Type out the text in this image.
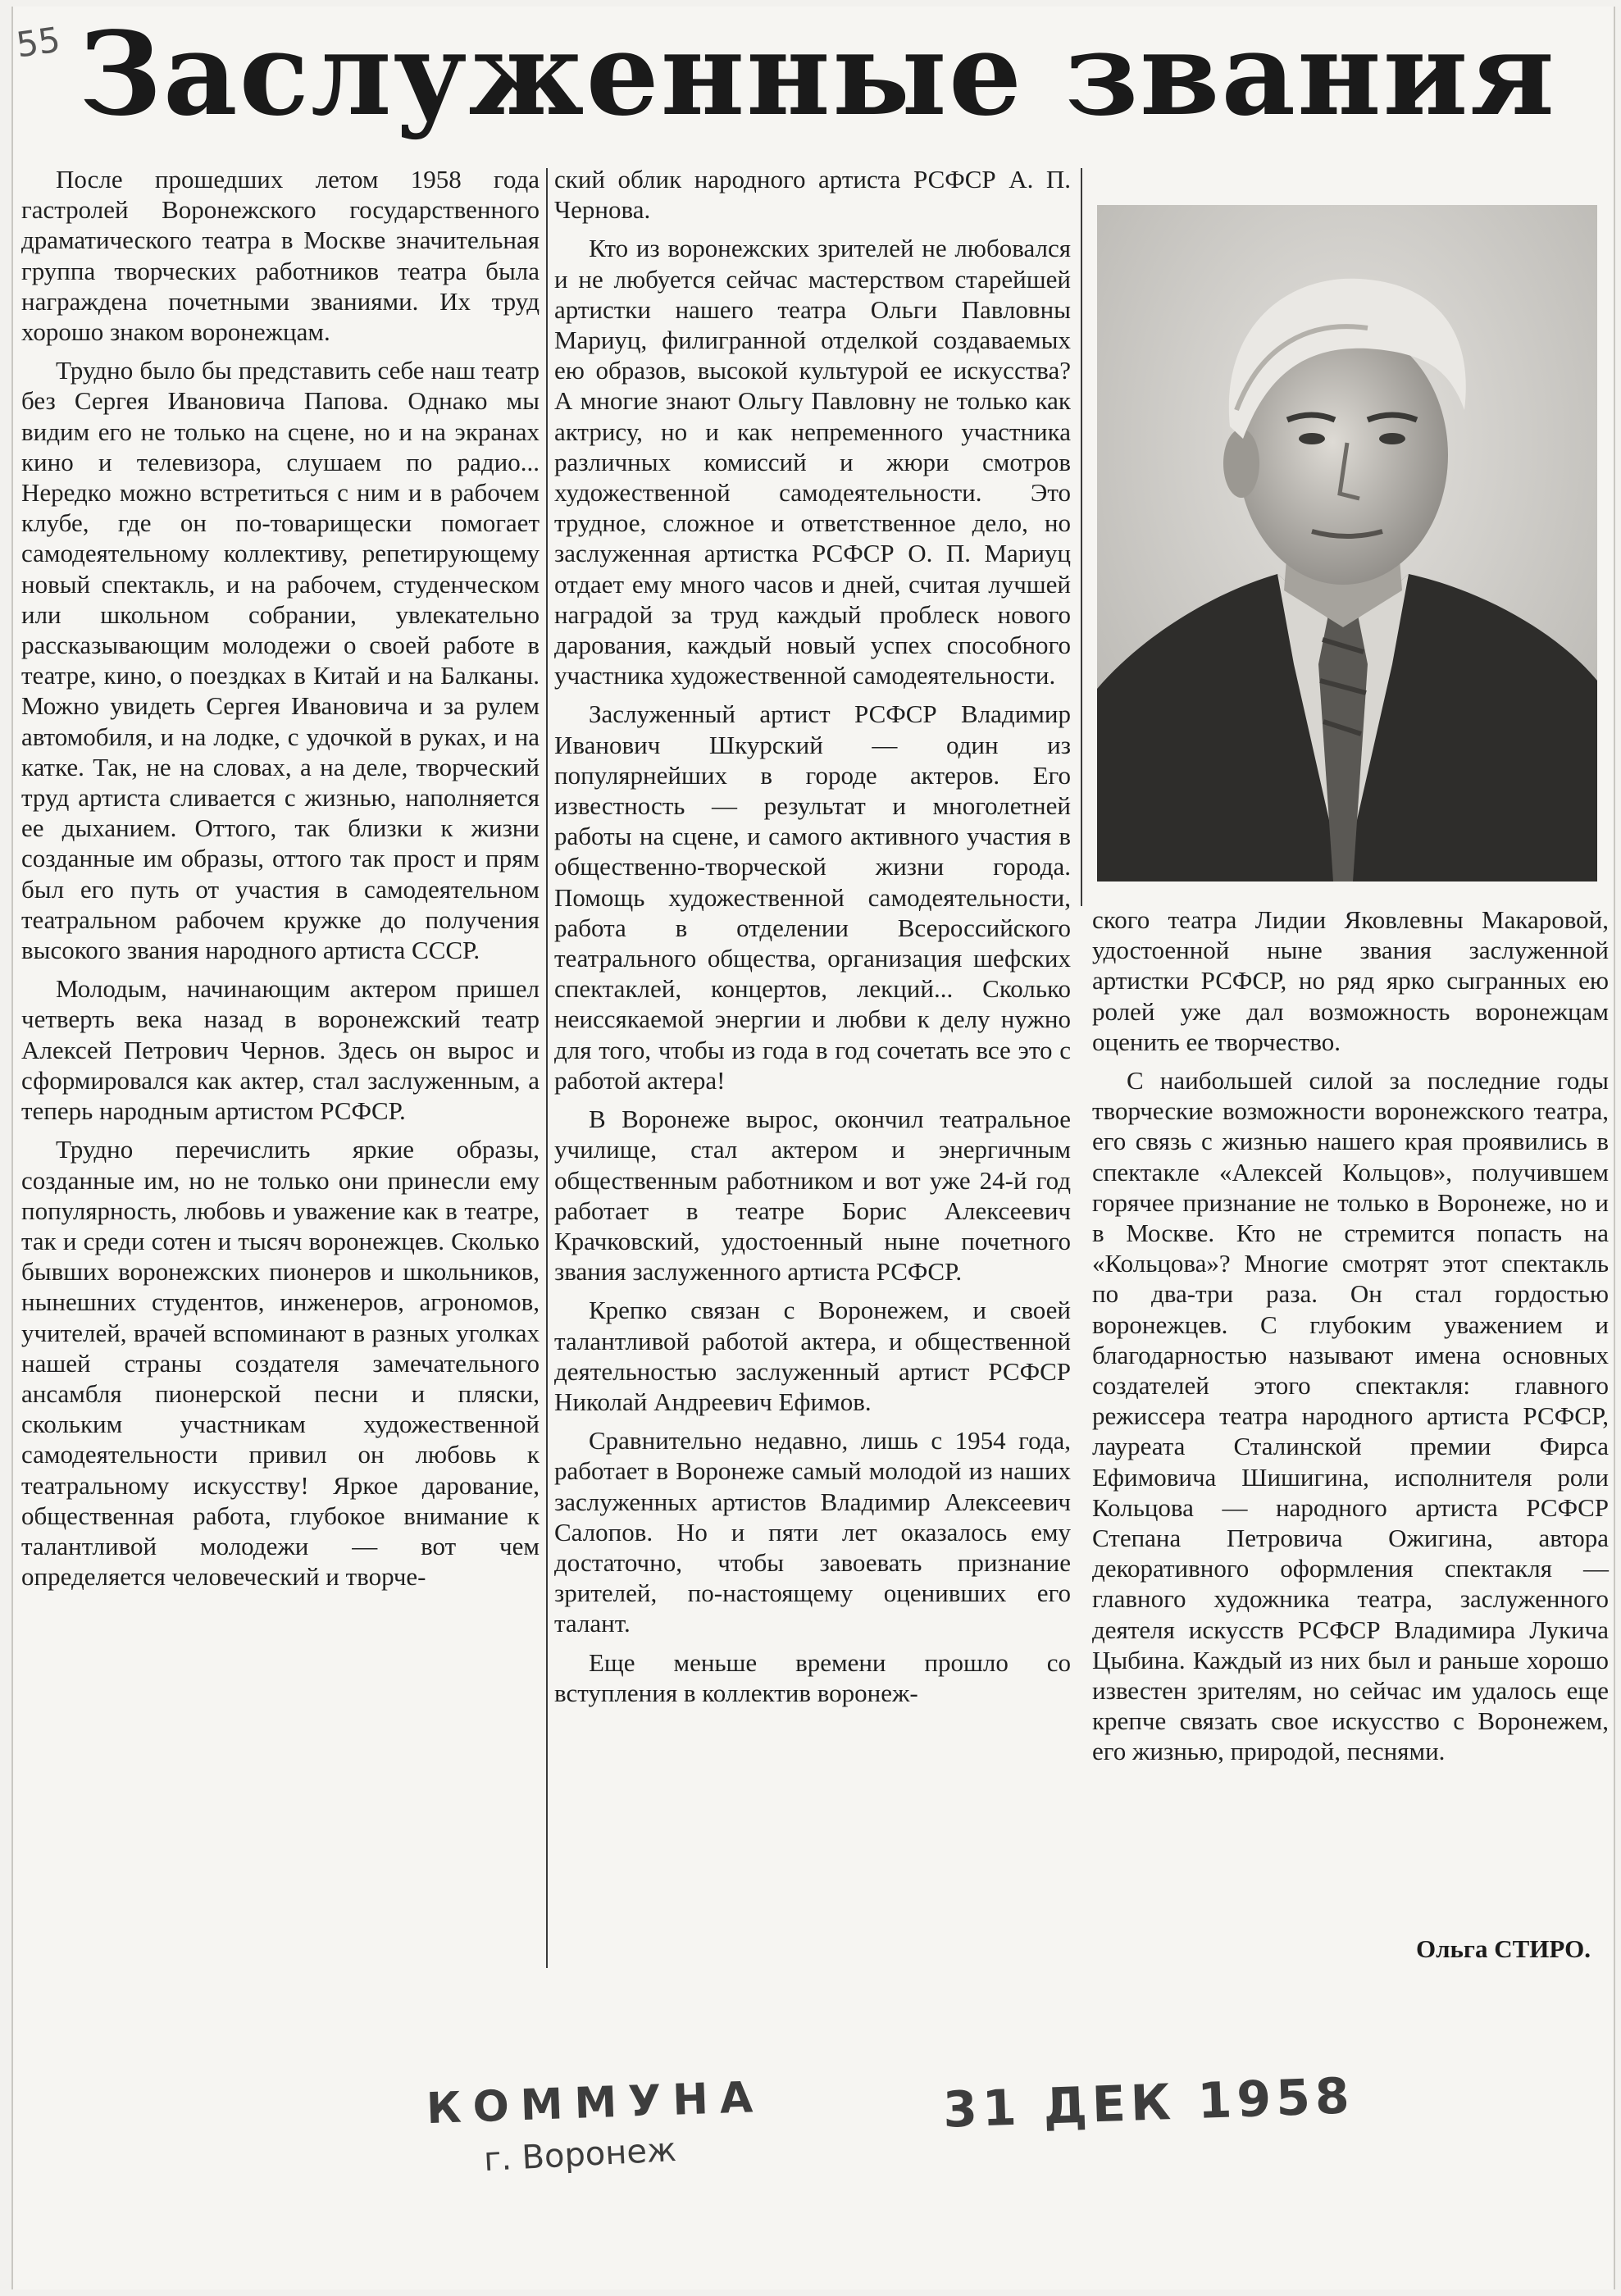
55 Заслуженные звания

После прошедших летом 1958 года гастролей Воронежского государственного драматического театра в Москве значительная группа творческих работников театра была награждена почетными званиями. Их труд хорошо знаком воронежцам.

Трудно было бы представить себе наш театр без Сергея Ивановича Папова. Однако мы видим его не только на сцене, но и на экранах кино и телевизора, слушаем по радио... Нередко можно встретиться с ним и в рабочем клубе, где он по-товарищески помогает самодеятельному коллективу, репетирующему новый спектакль, и на рабочем, студенческом или школьном собрании, увлекательно рассказывающим молодежи о своей работе в театре, кино, о поездках в Китай и на Балканы. Можно увидеть Сергея Ивановича и за рулем автомобиля, и на лодке, с удочкой в руках, и на катке. Так, не на словах, а на деле, творческий труд артиста сливается с жизнью, наполняется ее дыханием. Оттого, так близки к жизни созданные им образы, оттого так прост и прям был его путь от участия в самодеятельном театральном рабочем кружке до получения высокого звания народного артиста СССР.

Молодым, начинающим актером пришел четверть века назад в воронежский театр Алексей Петрович Чернов. Здесь он вырос и сформировался как актер, стал заслуженным, а теперь народным артистом РСФСР.

Трудно перечислить яркие образы, созданные им, но не только они принесли ему популярность, любовь и уважение как в театре, так и среди сотен и тысяч воронежцев. Сколько бывших воронежских пионеров и школьников, нынешних студентов, инженеров, агрономов, учителей, врачей вспоминают в разных уголках нашей страны создателя замечательного ансамбля пионерской песни и пляски, скольким участникам художественной самодеятельности привил он любовь к театральному искусству! Яркое дарование, общественная работа, глубокое внимание к талантливой молодежи — вот чем определяется человеческий и творче-

ский облик народного артиста РСФСР А. П. Чернова.

Кто из воронежских зрителей не любовался и не любуется сейчас мастерством старейшей артистки нашего театра Ольги Павловны Мариуц, филигранной отделкой создаваемых ею образов, высокой культурой ее искусства? А многие знают Ольгу Павловну не только как актрису, но и как непременного участника различных комиссий и жюри смотров художественной самодеятельности. Это трудное, сложное и ответственное дело, но заслуженная артистка РСФСР О. П. Мариуц отдает ему много часов и дней, считая лучшей наградой за труд каждый проблеск нового дарования, каждый новый успех способного участника художественной самодеятельности.

Заслуженный артист РСФСР Владимир Иванович Шкурский — один из популярнейших в городе актеров. Его известность — результат и многолетней работы на сцене, и самого активного участия в общественно-творческой жизни города. Помощь художественной самодеятельности, работа в отделении Всероссийского театрального общества, организация шефских спектаклей, концертов, лекций... Сколько неиссякаемой энергии и любви к делу нужно для того, чтобы из года в год сочетать все это с работой актера!

В Воронеже вырос, окончил театральное училище, стал актером и энергичным общественным работником и вот уже 24-й год работает в театре Борис Алексеевич Крачковский, удостоенный ныне почетного звания заслуженного артиста РСФСР.

Крепко связан с Воронежем, и своей талантливой работой актера, и общественной деятельностью заслуженный артист РСФСР Николай Андреевич Ефимов.

Сравнительно недавно, лишь с 1954 года, работает в Воронеже самый молодой из наших заслуженных артистов Владимир Алексеевич Салопов. Но и пяти лет оказалось ему достаточно, чтобы завоевать признание зрителей, по-настоящему оценивших его талант.

Еще меньше времени прошло со вступления в коллектив воронеж-

ского театра Лидии Яковлевны Макаровой, удостоенной ныне звания заслуженной артистки РСФСР, но ряд ярко сыгранных ею ролей уже дал возможность воронежцам оценить ее творчество.

С наибольшей силой за последние годы творческие возможности воронежского театра, его связь с жизнью нашего края проявились в спектакле «Алексей Кольцов», получившем горячее признание не только в Воронеже, но и в Москве. Кто не стремится попасть на «Кольцова»? Многие смотрят этот спектакль по два-три раза. Он стал гордостью воронежцев. С глубоким уважением и благодарностью называют имена основных создателей этого спектакля: главного режиссера театра народного артиста РСФСР, лауреата Сталинской премии Фирса Ефимовича Шишигина, исполнителя роли Кольцова — народного артиста РСФСР Степана Петровича Ожигина, автора декоративного оформления спектакля — главного художника театра, заслуженного деятеля искусств РСФСР Владимира Лукича Цыбина. Каждый из них был и раньше хорошо известен зрителям, но сейчас им удалось еще крепче связать свое искусство с Воронежем, его жизнью, природой, песнями.

Ольга СТИРО.

КОММУНА

г. Воронеж

31 ДЕК 1958
